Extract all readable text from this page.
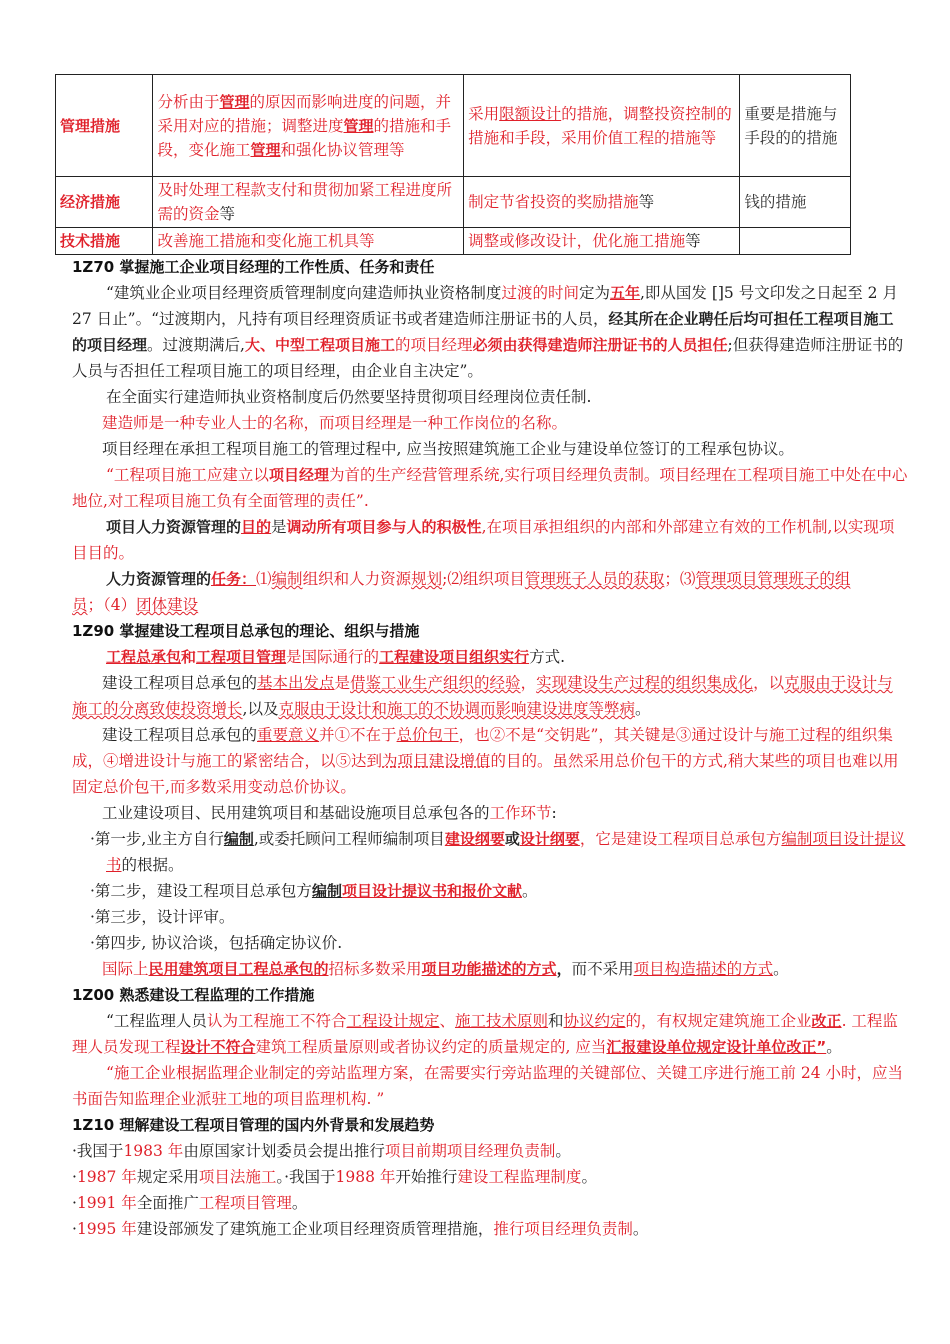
管理措施	分析由于管理的原因而影响进度的问题，并采用对应的措施；调整进度管理的措施和手段，变化施工管理和强化协议管理等	采用限额设计的措施，调整投资控制的措施和手段，采用价值工程的措施等	重要是措施与手段的的措施
经济措施	及时处理工程款支付和贯彻加紧工程进度所需的资金等	制定节省投资的奖励措施等	钱的措施
技术措施	改善施工措施和变化施工机具等	调整或修改设计，优化施工措施等	

1Z70 掌握施工企业项目经理的工作性质、任务和责任

“建筑业企业项目经理资质管理制度向建造师执业资格制度过渡的时间定为五年,即从国发 []5 号文印发之日起至 2 月 27 日止”。“过渡期内，凡持有项目经理资质证书或者建造师注册证书的人员，经其所在企业聘任后均可担任工程项目施工的项目经理。过渡期满后,大、中型工程项目施工的项目经理必须由获得建造师注册证书的人员担任;但获得建造师注册证书的人员与否担任工程项目施工的项目经理，由企业自主决定”。

在全面实行建造师执业资格制度后仍然要坚持贯彻项目经理岗位责任制.

建造师是一种专业人士的名称，而项目经理是一种工作岗位的名称。

项目经理在承担工程项目施工的管理过程中, 应当按照建筑施工企业与建设单位签订的工程承包协议。

“工程项目施工应建立以项目经理为首的生产经营管理系统,实行项目经理负责制。项目经理在工程项目施工中处在中心地位,对工程项目施工负有全面管理的责任”.

项目人力资源管理的目的是调动所有项目参与人的积极性,在项目承担组织的内部和外部建立有效的工作机制,以实现项目目的。

人力资源管理的任务：⑴编制组织和人力资源规划;⑵组织项目管理班子人员的获取；⑶管理项目管理班子的组员；（4）团体建设

1Z90 掌握建设工程项目总承包的理论、组织与措施

工程总承包和工程项目管理是国际通行的工程建设项目组织实行方式.

建设工程项目总承包的基本出发点是借鉴工业生产组织的经验，实现建设生产过程的组织集成化，以克服由于设计与施工的分离致使投资增长,以及克服由于设计和施工的不协调而影响建设进度等弊病。

建设工程项目总承包的重要意义并①不在于总价包干，也②不是“交钥匙”，其关键是③通过设计与施工过程的组织集成，④增进设计与施工的紧密结合，以⑤达到为项目建设增值的目的。虽然采用总价包干的方式,稍大某些的项目也难以用固定总价包干,而多数采用变动总价协议。

工业建设项目、民用建筑项目和基础设施项目总承包各的工作环节:

·第一步,业主方自行编制,或委托顾问工程师编制项目建设纲要或设计纲要，它是建设工程项目总承包方编制项目设计提议书的根据。

·第二步，建设工程项目总承包方编制项目设计提议书和报价文献。

·第三步，设计评审。

·第四步, 协议洽谈，包括确定协议价.

国际上民用建筑项目工程总承包的招标多数采用项目功能描述的方式，而不采用项目构造描述的方式。

1Z00 熟悉建设工程监理的工作措施

“工程监理人员认为工程施工不符合工程设计规定、施工技术原则和协议约定的，有权规定建筑施工企业改正. 工程监理人员发现工程设计不符合建筑工程质量原则或者协议约定的质量规定的, 应当汇报建设单位规定设计单位改正”。

“施工企业根据监理企业制定的旁站监理方案，在需要实行旁站监理的关键部位、关键工序进行施工前 24 小时，应当书面告知监理企业派驻工地的项目监理机构. ”

1Z10 理解建设工程项目管理的国内外背景和发展趋势

·我国于1983 年由原国家计划委员会提出推行项目前期项目经理负责制。

·1987 年规定采用项目法施工。·我国于1988 年开始推行建设工程监理制度。

·1991 年全面推广工程项目管理。

·1995 年建设部颁发了建筑施工企业项目经理资质管理措施，推行项目经理负责制。
